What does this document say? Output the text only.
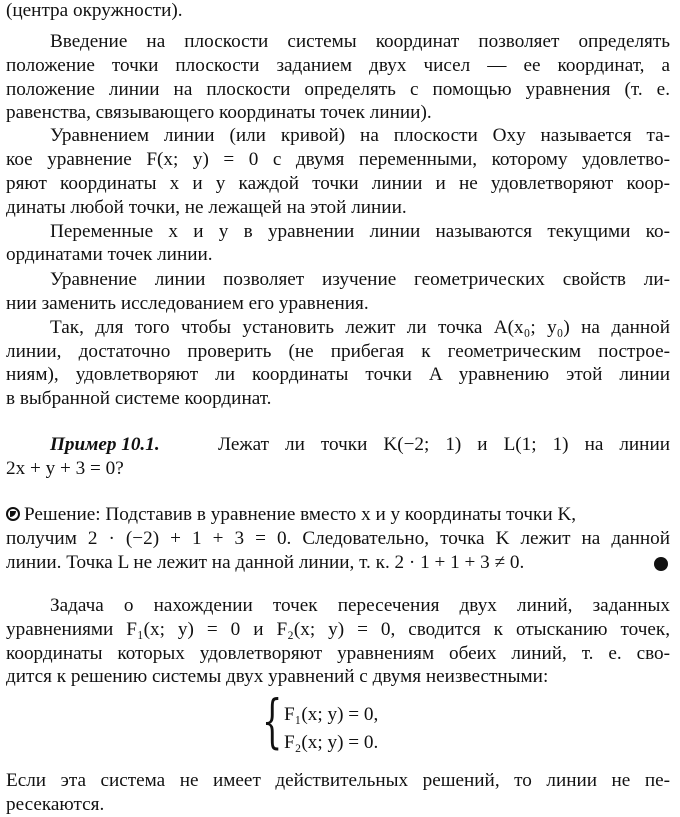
(центра окружности).
Введение на плоскости системы координат позволяет определять
положение точки плоскости заданием двух чисел — ее координат, а
положение линии на плоскости определять с помощью уравнения (т. е.
равенства, связывающего координаты точек линии).
Уравнением линии (или кривой) на плоскости Oxy называется та-
кое уравнение F(x; y) = 0 с двумя переменными, которому удовлетво-
ряют координаты x и y каждой точки линии и не удовлетворяют коор-
динаты любой точки, не лежащей на этой линии.
Переменные x и y в уравнении линии называются текущими ко-
ординатами точек линии.
Уравнение линии позволяет изучение геометрических свойств ли-
нии заменить исследованием его уравнения.
Так, для того чтобы установить лежит ли точка A(x₀; y₀) на данной
линии, достаточно проверить (не прибегая к геометрическим построе-
ниям), удовлетворяют ли координаты точки A уравнению этой линии
в выбранной системе координат.
Пример 10.1.	Лежат ли точки K(−2; 1) и L(1; 1) на линии
2x + y + 3 = 0?
Решение: Подставив в уравнение вместо x и y координаты точки K,
получим 2 · (−2) + 1 + 3 = 0. Следовательно, точка K лежит на данной
линии. Точка L не лежит на данной линии, т. к. 2 · 1 + 1 + 3 ≠ 0.
Задача о нахождении точек пересечения двух линий, заданных
уравнениями F₁(x; y) = 0 и F₂(x; y) = 0, сводится к отысканию точек,
координаты которых удовлетворяют уравнениям обеих линий, т. е. сво-
дится к решению системы двух уравнений с двумя неизвестными:
{ F₁(x; y) = 0,
F₂(x; y) = 0.
Если эта система не имеет действительных решений, то линии не пе-
ресекаются.
